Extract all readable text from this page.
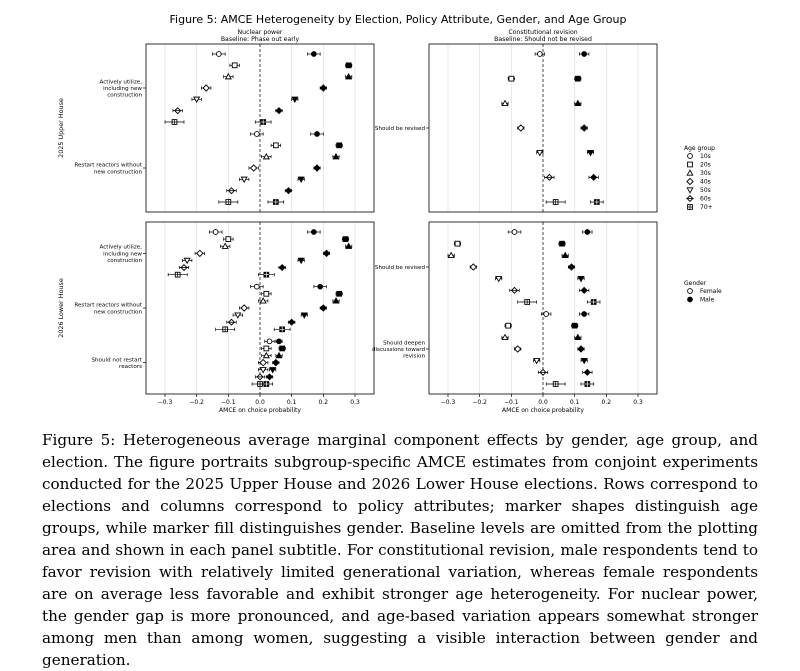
Figure 5: AMCE Heterogeneity by Election, Policy Attribute, Gender, and Age Group
Nuclear power
Baseline: Phase out early
Actively utilize, including new construction
Restart reactors without new construction
Constitutional revision
Baseline: Should not be revised
Should be revised
−0.3	−0.2	−0.1	0.0	0.1	0.2	0.3
AMCE on choice probability
Actively utilize, including new construction
Restart reactors without new construction
Should not restart reactors
−0.3	−0.2	−0.1	0.0	0.1	0.2	0.3
AMCE on choice probability
Should be revised
Should deepen discussions toward revision
2025 Upper House
2026 Lower House
Age group
10s
20s
30s
40s
50s
60s
70+
Gender
Female
Male

Figure 5: Heterogeneous average marginal component effects by gender, age group, and election. The figure portraits subgroup-specific AMCE estimates from conjoint experiments conducted for the 2025 Upper House and 2026 Lower House elections. Rows correspond to elections and columns correspond to policy attributes; marker shapes distinguish age groups, while marker fill distinguishes gender. Baseline levels are omitted from the plotting area and shown in each panel subtitle. For constitutional revision, male respondents tend to favor revision with relatively limited generational variation, whereas female respondents are on average less favorable and exhibit stronger age heterogeneity. For nuclear power, the gender gap is more pronounced, and age-based variation appears somewhat stronger among men than among women, suggesting a visible interaction between gender and generation.
